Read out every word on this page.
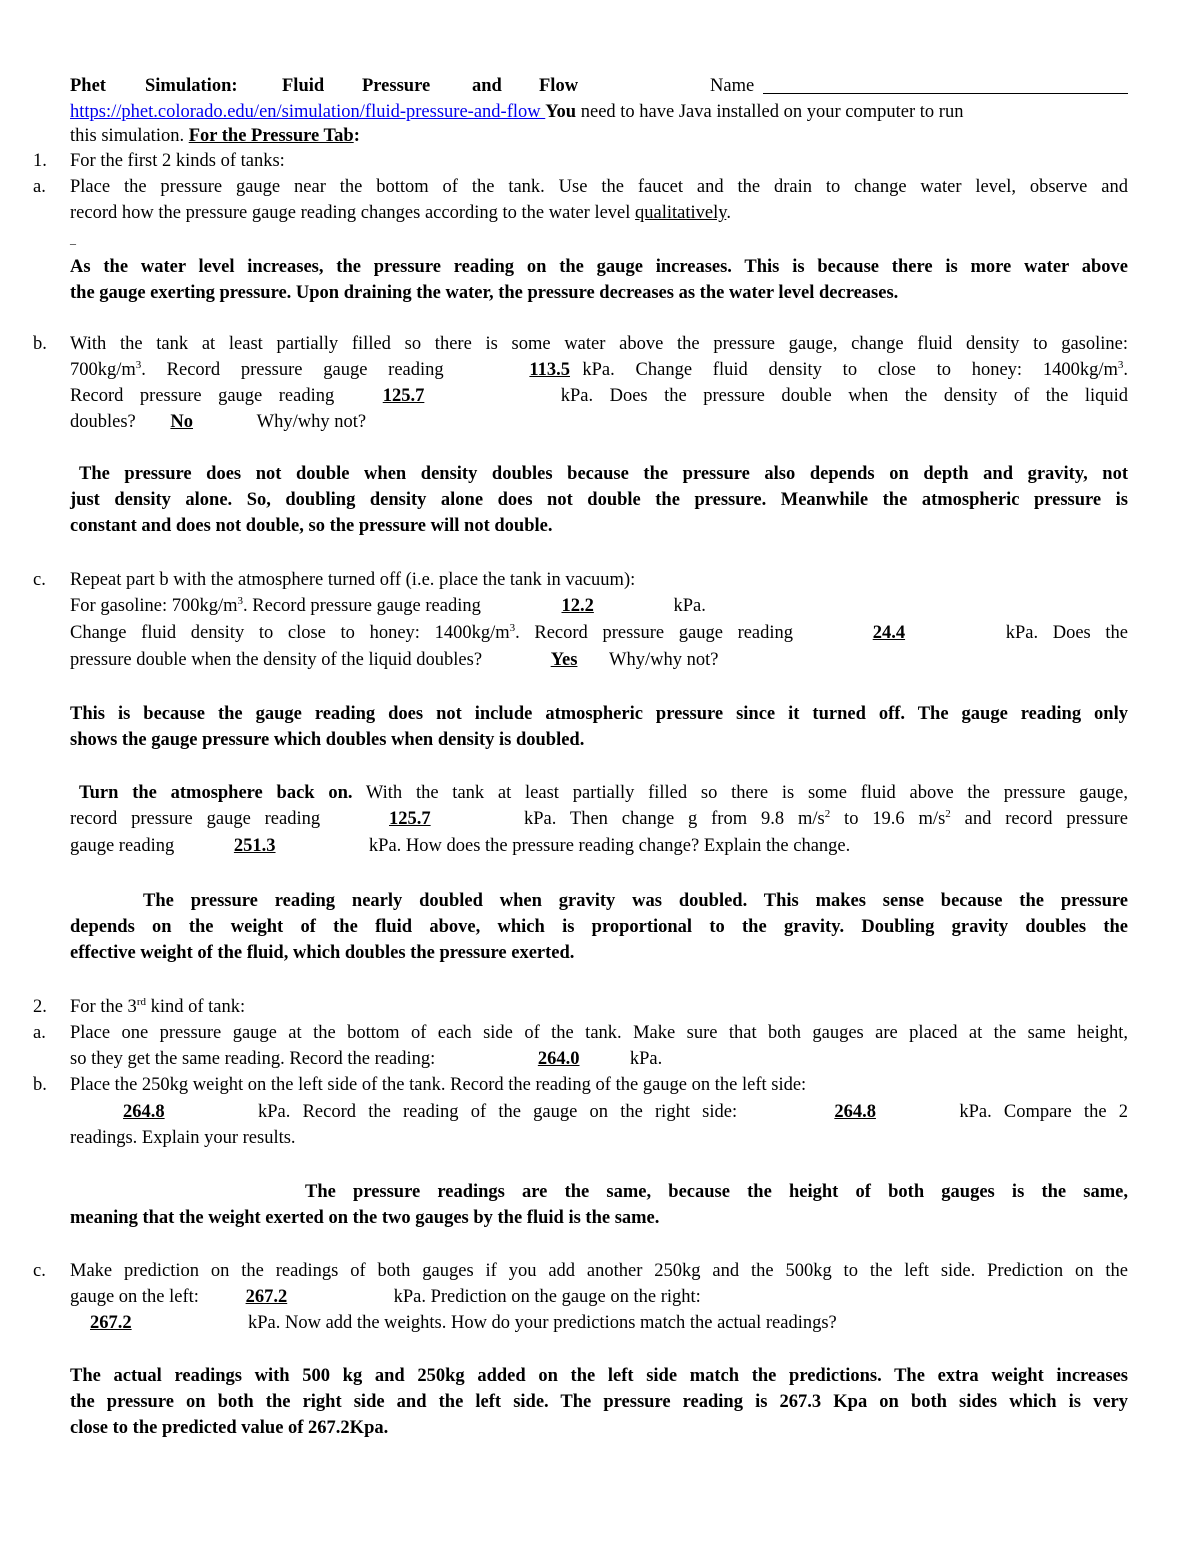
Phet Simulation: Fluid Pressure and Flow	Name
https://phet.colorado.edu/en/simulation/fluid-pressure-and-flow You need to have Java installed on your computer to run
this simulation. For the Pressure Tab:
1. For the first 2 kinds of tanks:
a. Place the pressure gauge near the bottom of the tank. Use the faucet and the drain to change water level, observe and
record how the pressure gauge reading changes according to the water level qualitatively.
–
As the water level increases, the pressure reading on the gauge increases. This is because there is more water above
the gauge exerting pressure. Upon draining the water, the pressure decreases as the water level decreases.
b. With the tank at least partially filled so there is some water above the pressure gauge, change fluid density to gasoline:
$700kg/m^3$. Record pressure gauge reading	113.5 kPa. Change fluid density to close to honey: $1400kg/m^3$.
Record pressure gauge reading 125.7	kPa. Does the pressure double when the density of the liquid
doubles? No	Why/why not?
The pressure does not double when density doubles because the pressure also depends on depth and gravity, not
just density alone. So, doubling density alone does not double the pressure. Meanwhile the atmospheric pressure is
constant and does not double, so the pressure will not double.
c. Repeat part b with the atmosphere turned off (i.e. place the tank in vacuum):
For gasoline: $700kg/m^3$. Record pressure gauge reading	12.2	kPa.
Change fluid density to close to honey: $1400kg/m^3$. Record pressure gauge reading	24.4	kPa. Does the
pressure double when the density of the liquid doubles?	Yes Why/why not?
This is because the gauge reading does not include atmospheric pressure since it turned off. The gauge reading only
shows the gauge pressure which doubles when density is doubled.
Turn the atmosphere back on. With the tank at least partially filled so there is some fluid above the pressure gauge,
record pressure gauge reading	125.7	kPa. Then change g from 9.8 $m/s^2$ to 19.6 $m/s^2$ and record pressure
gauge reading	251.3	kPa. How does the pressure reading change? Explain the change.
The pressure reading nearly doubled when gravity was doubled. This makes sense because the pressure
depends on the weight of the fluid above, which is proportional to the gravity. Doubling gravity doubles the
effective weight of the fluid, which doubles the pressure exerted.
2. For the 3rd kind of tank:
a. Place one pressure gauge at the bottom of each side of the tank. Make sure that both gauges are placed at the same height,
so they get the same reading. Record the reading:	264.0	kPa.
b. Place the 250kg weight on the left side of the tank. Record the reading of the gauge on the left side:
264.8	kPa. Record the reading of the gauge on the right side:	264.8	kPa. Compare the 2
readings. Explain your results.
The pressure readings are the same, because the height of both gauges is the same,
meaning that the weight exerted on the two gauges by the fluid is the same.
c. Make prediction on the readings of both gauges if you add another 250kg and the 500kg to the left side. Prediction on the
gauge on the left: 267.2	kPa. Prediction on the gauge on the right:
267.2	kPa. Now add the weights. How do your predictions match the actual readings?
The actual readings with 500 kg and 250kg added on the left side match the predictions. The extra weight increases
the pressure on both the right side and the left side. The pressure reading is 267.3 Kpa on both sides which is very
close to the predicted value of 267.2Kpa.
